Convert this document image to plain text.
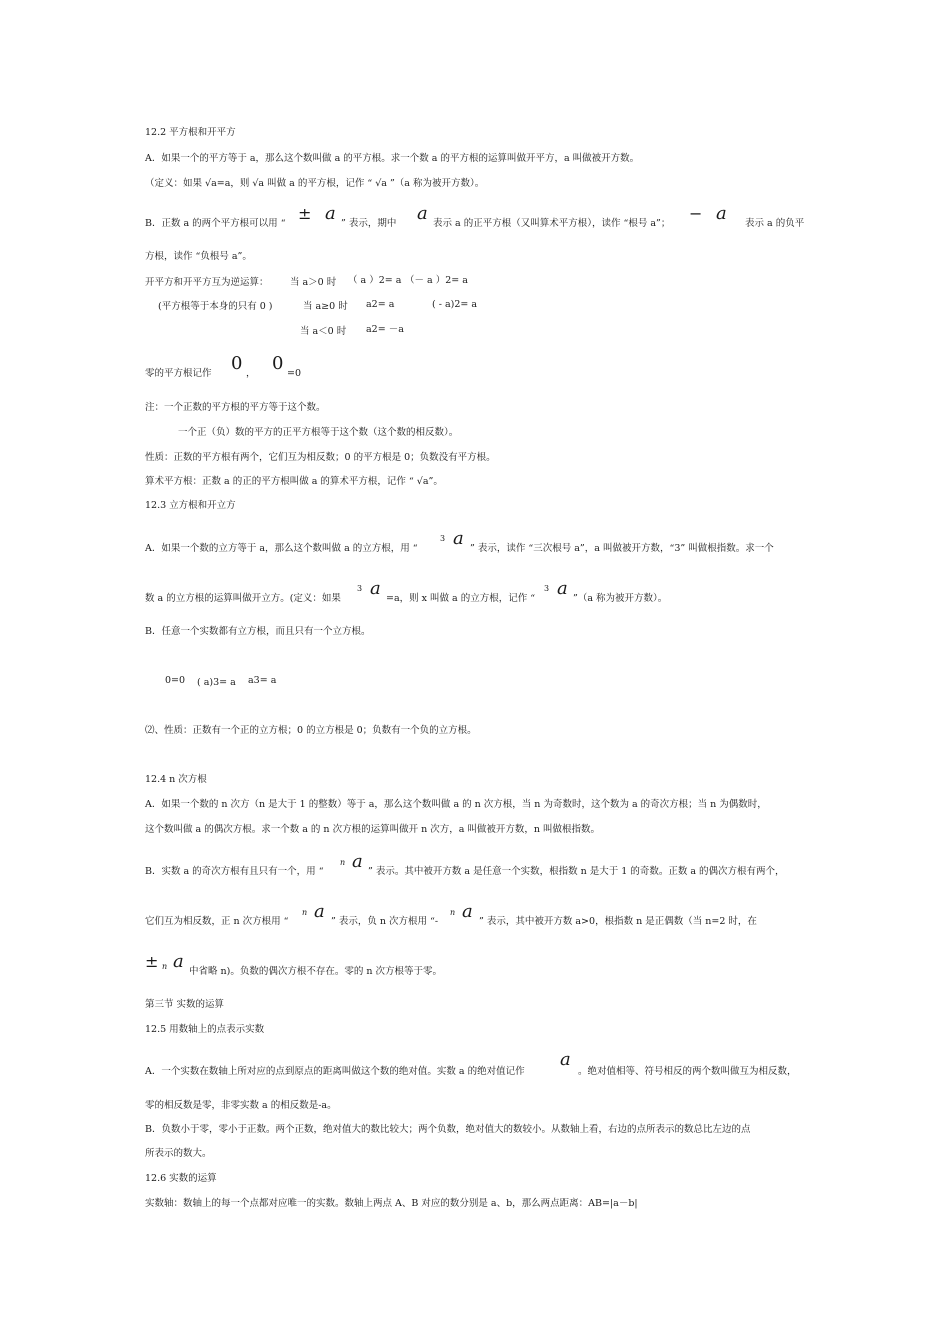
12.2 平方根和开平方
A．如果一个的平方等于 a，那么这个数叫做 a 的平方根。求一个数 a 的平方根的运算叫做开平方，a 叫做被开方数。
（定义：如果 √a=a，则 √a 叫做 a 的平方根，记作 “ √a ”（a 称为被开方数）。
B．正数 a 的两个平方根可以用 “
± a ” 表示，期中 a 表示 a 的正平方根（又叫算术平方根），读作 “根号 a”；
− a 表示 a 的负平
方根，读作 “负根号 a”。
开平方和开平方互为逆运算： 当 a＞0 时 （ a ）2= a （－ a ）2= a
(平方根等于本身的只有 0 )	当 a≥0 时 a2= a	( - a)2= a
当 a＜0 时 a2= －a
零的平方根记作 0 ， 0 =0
注：一个正数的平方根的平方等于这个数。
一个正（负）数的平方的正平方根等于这个数（这个数的相反数）。
性质：正数的平方根有两个，它们互为相反数；0 的平方根是 0；负数没有平方根。
算术平方根：正数 a 的正的平方根叫做 a 的算术平方根，记作 “ √a”。
12.3 立方根和开立方
A．如果一个数的立方等于 a，那么这个数叫做 a 的立方根，用 “
3 a ” 表示，读作 “三次根号 a”，a 叫做被开方数，“3” 叫做根指数。求一个
数 a 的立方根的运算叫做开立方。(定义：如果
3 a =a，则 x 叫做 a 的立方根，记作 “
3 a ”（a 称为被开方数）。
B．任意一个实数都有立方根，而且只有一个立方根。
0=0 ( a)3= a a3= a
⑵、性质：正数有一个正的立方根；0 的立方根是 0；负数有一个负的立方根。
12.4 n 次方根
A．如果一个数的 n 次方（n 是大于 1 的整数）等于 a，那么这个数叫做 a 的 n 次方根，当 n 为奇数时，这个数为 a 的奇次方根；当 n 为偶数时，
这个数叫做 a 的偶次方根。求一个数 a 的 n 次方根的运算叫做开 n 次方，a 叫做被开方数，n 叫做根指数。
B．实数 a 的奇次方根有且只有一个，用 “
n a ” 表示。其中被开方数 a 是任意一个实数，根指数 n 是大于 1 的奇数。正数 a 的偶次方根有两个，
它们互为相反数，正 n 次方根用 “
n a ” 表示，负 n 次方根用 “-
n a ” 表示，其中被开方数 a>0，根指数 n 是正偶数（当 n=2 时，在
± n a 中省略 n)。负数的偶次方根不存在。零的 n 次方根等于零。
第三节 实数的运算
12.5 用数轴上的点表示实数
A．一个实数在数轴上所对应的点到原点的距离叫做这个数的绝对值。实数 a 的绝对值记作
a
。绝对值相等、符号相反的两个数叫做互为相反数，
零的相反数是零，非零实数 a 的相反数是-a。
B．负数小于零，零小于正数。两个正数，绝对值大的数比较大；两个负数，绝对值大的数较小。从数轴上看，右边的点所表示的数总比左边的点
所表示的数大。
12.6 实数的运算
实数轴：数轴上的每一个点都对应唯一的实数。数轴上两点 A、B 对应的数分别是 a、b，那么两点距离：AB=|a－b|
